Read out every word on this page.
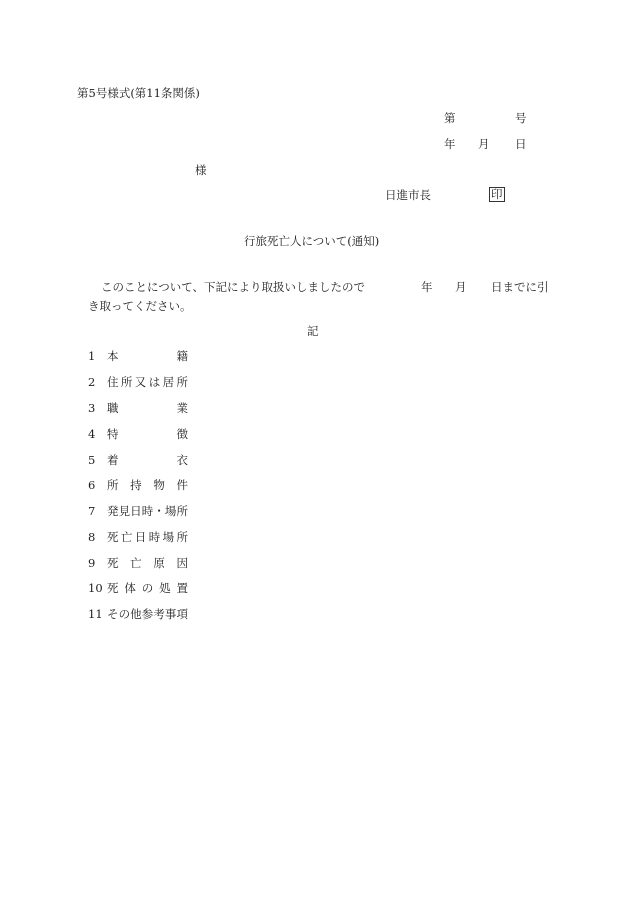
第5号様式(第11条関係)
第	号
年 月 日
様
日進市長	印
行旅死亡人について(通知)
このことについて、下記により取扱いしましたので	年 月 日までに引
き取ってください。
記
1 本籍
2 住所又は居所
3 職業
4 特徴
5 着衣
6 所持物件
7 発見日時・場所
8 死亡日時場所
9 死亡原因
10 死体の処置
11 その他参考事項
